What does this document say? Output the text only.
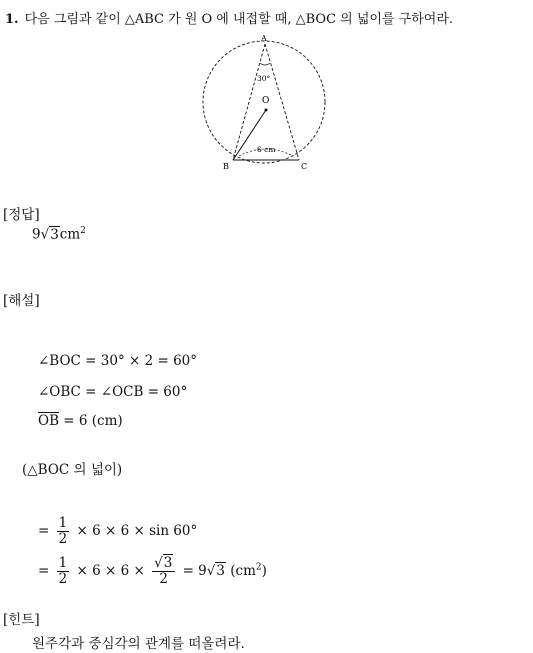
1. 다음 그림과 같이 △ABC 가 원 O 에 내접할 때, △BOC 의 넓이를 구하여라.
A
B	C
O
30°
6 cm
[정답]
$9√3cm^2$
[해설]
∠BOC = 30° × 2 = 60°
∠OBC = ∠OCB = 60°
$\overline{OB} = 6$ (cm)
(△BOC 의 넓이)
= $\frac{1}{2} \times 6 \times 6 \times \sin 60^\circ$
= $\frac{1}{2} \times 6 \times 6 \times \frac{√3}{2} = 9√3$ $(cm^2)$
[힌트]
원주각과 중심각의 관계를 떠올려라.
